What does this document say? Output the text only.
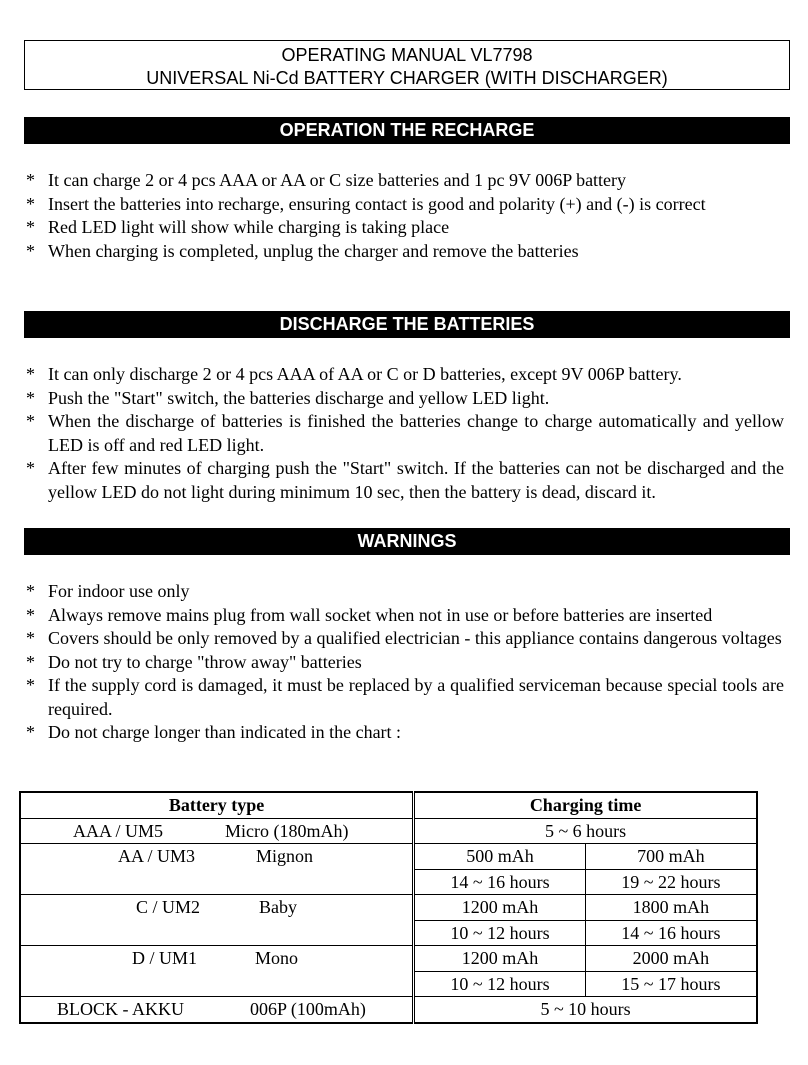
OPERATING MANUAL VL7798
UNIVERSAL Ni-Cd BATTERY CHARGER (WITH DISCHARGER)
OPERATION THE RECHARGE
* It can charge 2 or 4 pcs AAA or AA or C size batteries and 1 pc 9V 006P battery
* Insert the batteries into recharge, ensuring contact is good and polarity (+) and (-) is correct
* Red LED light will show while charging is taking place
* When charging is completed, unplug the charger and remove the batteries
DISCHARGE THE BATTERIES
* It can only discharge 2 or 4 pcs AAA of AA or C or D batteries, except 9V 006P battery.
* Push the "Start" switch, the batteries discharge and yellow LED light.
* When the discharge of batteries is finished the batteries change to charge automatically and yellow LED is off and red LED light.
* After few minutes of charging push the "Start" switch. If the batteries can not be discharged and the yellow LED do not light during minimum 10 sec, then the battery is dead, discard it.
WARNINGS
* For indoor use only
* Always remove mains plug from wall socket when not in use or before batteries are inserted
* Covers should be only removed by a qualified electrician - this appliance contains dangerous voltages
* Do not try to charge "throw away" batteries
* If the supply cord is damaged, it must be replaced by a qualified serviceman because special tools are required.
* Do not charge longer than indicated in the chart :
Battery type	Charging time	

AAA / UM5 Micro (180mAh)	5 ~ 6 hours	

AA / UM3 Mignon	500 mAh	700 mAh
	14 ~ 16 hours	19 ~ 22 hours

C / UM2 Baby	1200 mAh	1800 mAh
	10 ~ 12 hours	14 ~ 16 hours

D / UM1 Mono	1200 mAh	2000 mAh
	10 ~ 12 hours	15 ~ 17 hours

BLOCK - AKKU 006P (100mAh)	5 ~ 10 hours	
